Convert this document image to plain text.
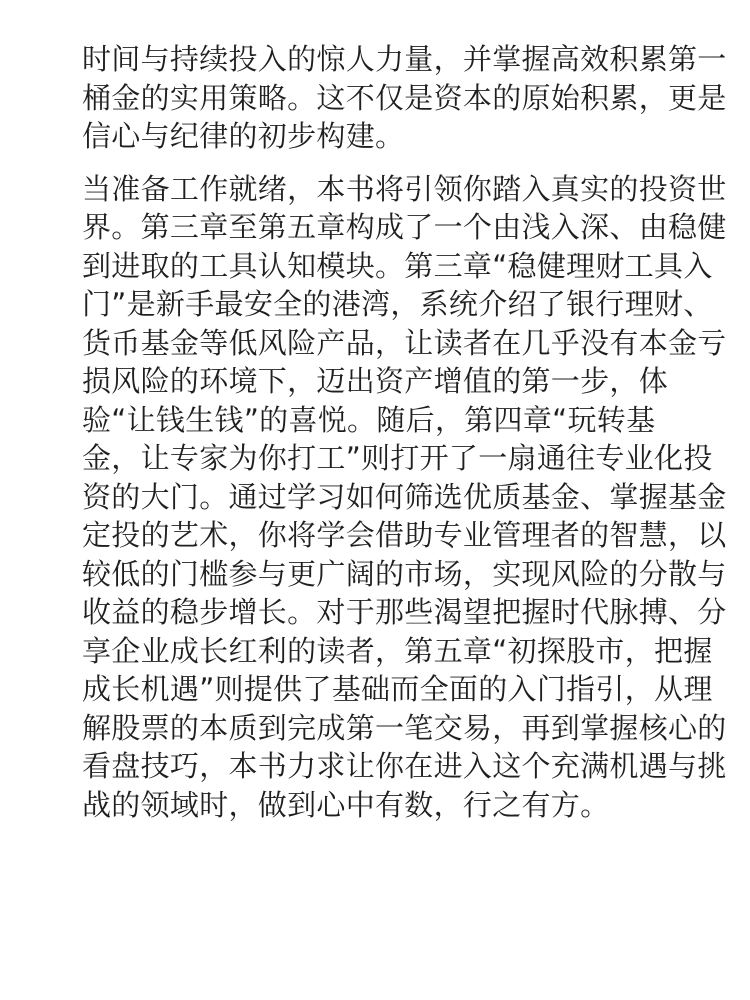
时间与持续投入的惊人力量，并掌握高效积累第一
桶金的实用策略。这不仅是资本的原始积累，更是
信心与纪律的初步构建。
当准备工作就绪，本书将引领你踏入真实的投资世
界。第三章至第五章构成了一个由浅入深、由稳健
到进取的工具认知模块。第三章“稳健理财工具入
门”是新手最安全的港湾，系统介绍了银行理财、
货币基金等低风险产品，让读者在几乎没有本金亏
损风险的环境下，迈出资产增值的第一步，体
验“让钱生钱”的喜悦。随后，第四章“玩转基
金，让专家为你打工”则打开了一扇通往专业化投
资的大门。通过学习如何筛选优质基金、掌握基金
定投的艺术，你将学会借助专业管理者的智慧，以
较低的门槛参与更广阔的市场，实现风险的分散与
收益的稳步增长。对于那些渴望把握时代脉搏、分
享企业成长红利的读者，第五章“初探股市，把握
成长机遇”则提供了基础而全面的入门指引，从理
解股票的本质到完成第一笔交易，再到掌握核心的
看盘技巧，本书力求让你在进入这个充满机遇与挑
战的领域时，做到心中有数，行之有方。
